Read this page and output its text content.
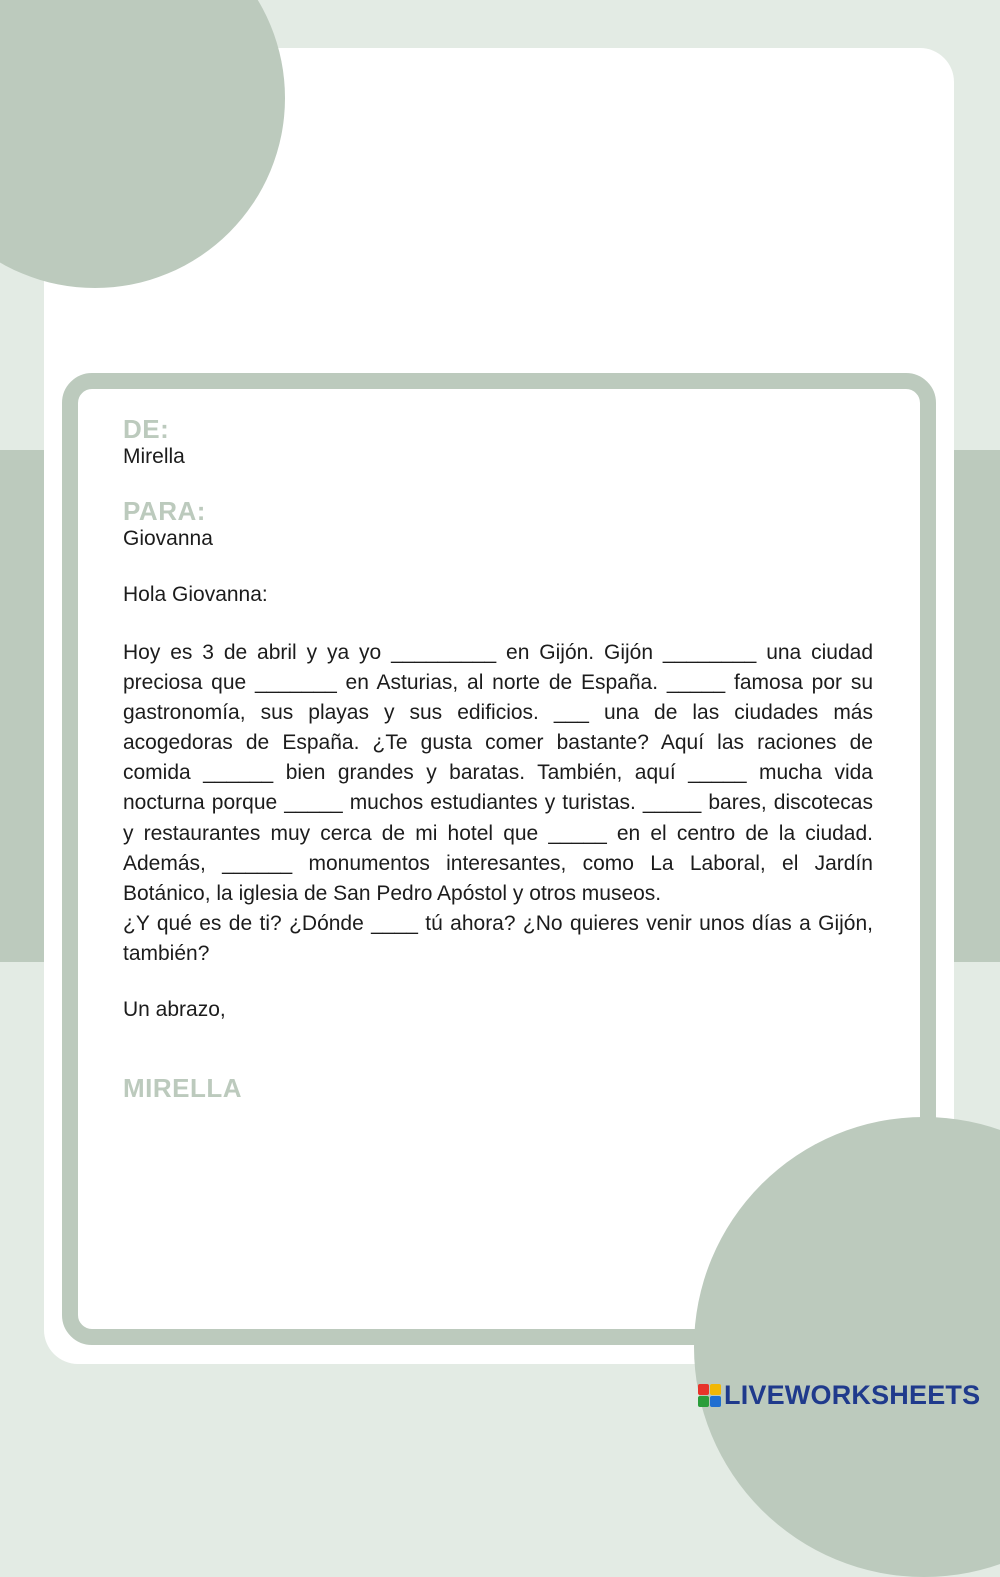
DE:
Mirella
PARA:
Giovanna
Hola Giovanna:
Hoy es 3 de abril y ya yo _________ en Gijón. Gijón ________ una ciudad preciosa que _______ en Asturias, al norte de España. _____ famosa por su gastronomía, sus playas y sus edificios. ___ una de las ciudades más acogedoras de España. ¿Te gusta comer bastante? Aquí las raciones de comida ______ bien grandes y baratas. También, aquí _____ mucha vida nocturna porque _____ muchos estudiantes y turistas. _____ bares, discotecas y restaurantes muy cerca de mi hotel que _____ en el centro de la ciudad. Además, ______ monumentos interesantes, como La Laboral, el Jardín Botánico, la iglesia de San Pedro Apóstol y otros museos.
¿Y qué es de ti? ¿Dónde ____ tú ahora? ¿No quieres venir unos días a Gijón, también?
Un abrazo,
MIRELLA
LIVEWORKSHEETS
